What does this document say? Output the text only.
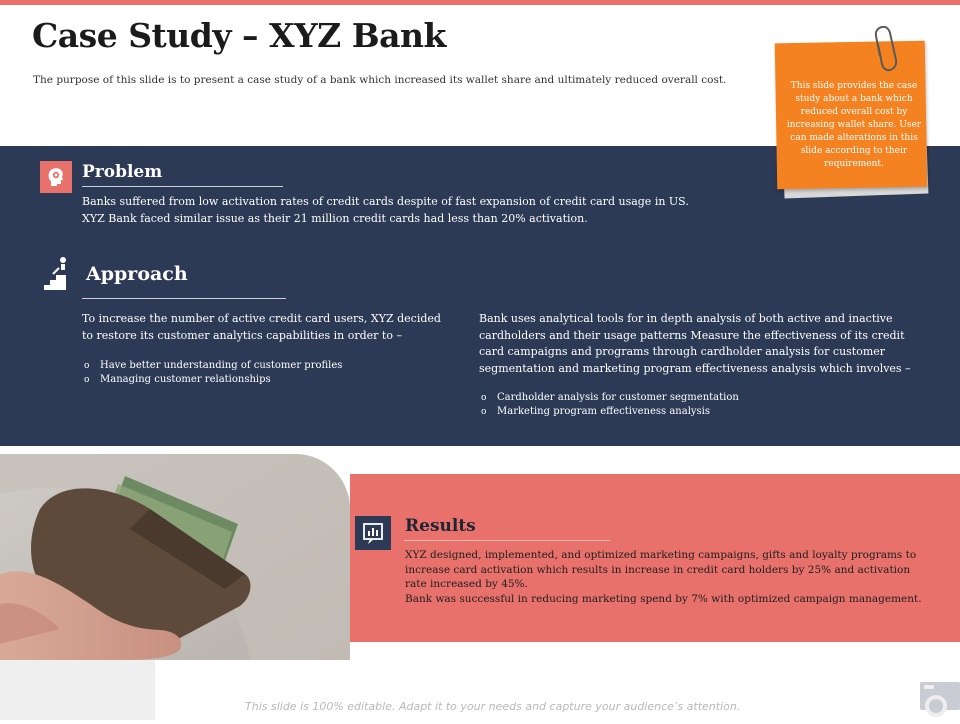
Case Study – XYZ Bank
The purpose of this slide is to present a case study of a bank which increased its wallet share and ultimately reduced overall cost.
Problem

Banks suffered from low activation rates of credit cards despite of fast expansion of credit card usage in US.

XYZ Bank faced similar issue as their 21 million credit cards had less than 20% activation.

Approach
To increase the number of active credit card users, XYZ decided to restore its customer analytics capabilities in order to –
o Have better understanding of customer profiles
o Managing customer relationships
Bank uses analytical tools for in depth analysis of both active and inactive cardholders and their usage patterns Measure the effectiveness of its credit card campaigns and programs through cardholder analysis for customer segmentation and marketing program effectiveness analysis which involves –
o Cardholder analysis for customer segmentation
o Marketing program effectiveness analysis
This slide provides the case study about a bank which reduced overall cost by increasing wallet share. User can made alterations in this slide according to their requirement.
Results

XYZ designed, implemented, and optimized marketing campaigns, gifts and loyalty programs to increase card activation which results in increase in credit card holders by 25% and activation rate increased by 45%.

Bank was successful in reducing marketing spend by 7% with optimized campaign management.

This slide is 100% editable. Adapt it to your needs and capture your audience’s attention.
